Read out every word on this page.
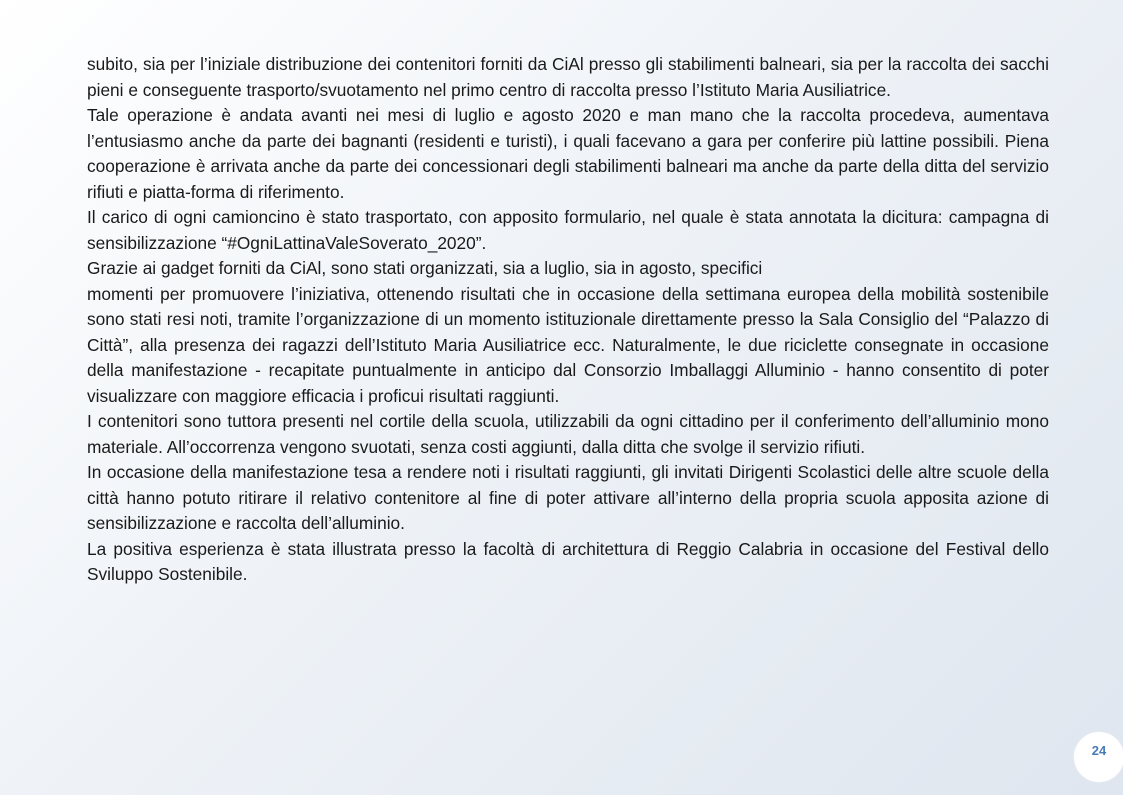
subito, sia per l’iniziale distribuzione dei contenitori forniti da CiAl presso gli stabilimenti balneari, sia per la raccolta dei sacchi pieni e conseguente trasporto/svuotamento nel primo centro di raccolta presso l’Istituto Maria Ausiliatrice.

Tale operazione è andata avanti nei mesi di luglio e agosto 2020 e man mano che la raccolta procedeva, aumentava l’entusiasmo anche da parte dei bagnanti (residenti e turisti), i quali facevano a gara per conferire più lattine possibili. Piena cooperazione è arrivata anche da parte dei concessionari degli stabilimenti balneari ma anche da parte della ditta del servizio rifiuti e piatta-forma di riferimento.

Il carico di ogni camioncino è stato trasportato, con apposito formulario, nel quale è stata annotata la dicitura: campagna di sensibilizzazione “#OgniLattinaValeSoverato_2020”.

Grazie ai gadget forniti da CiAl, sono stati organizzati, sia a luglio, sia in agosto, specifici

momenti per promuovere l’iniziativa, ottenendo risultati che in occasione della settimana europea della mobilità sostenibile sono stati resi noti, tramite l’organizzazione di un momento istituzionale direttamente presso la Sala Consiglio del “Palazzo di Città”, alla presenza dei ragazzi dell’Istituto Maria Ausiliatrice ecc. Naturalmente, le due riciclette consegnate in occasione della manifestazione - recapitate puntualmente in anticipo dal Consorzio Imballaggi Alluminio - hanno consentito di poter visualizzare con maggiore efficacia i proficui risultati raggiunti.

I contenitori sono tuttora presenti nel cortile della scuola, utilizzabili da ogni cittadino per il conferimento dell’alluminio mono materiale. All’occorrenza vengono svuotati, senza costi aggiunti, dalla ditta che svolge il servizio rifiuti.

In occasione della manifestazione tesa a rendere noti i risultati raggiunti, gli invitati Dirigenti Scolastici delle altre scuole della città hanno potuto ritirare il relativo contenitore al fine di poter attivare all’interno della propria scuola apposita azione di sensibilizzazione e raccolta dell’alluminio.

La positiva esperienza è stata illustrata presso la facoltà di architettura di Reggio Calabria in occasione del Festival dello Sviluppo Sostenibile.

24
